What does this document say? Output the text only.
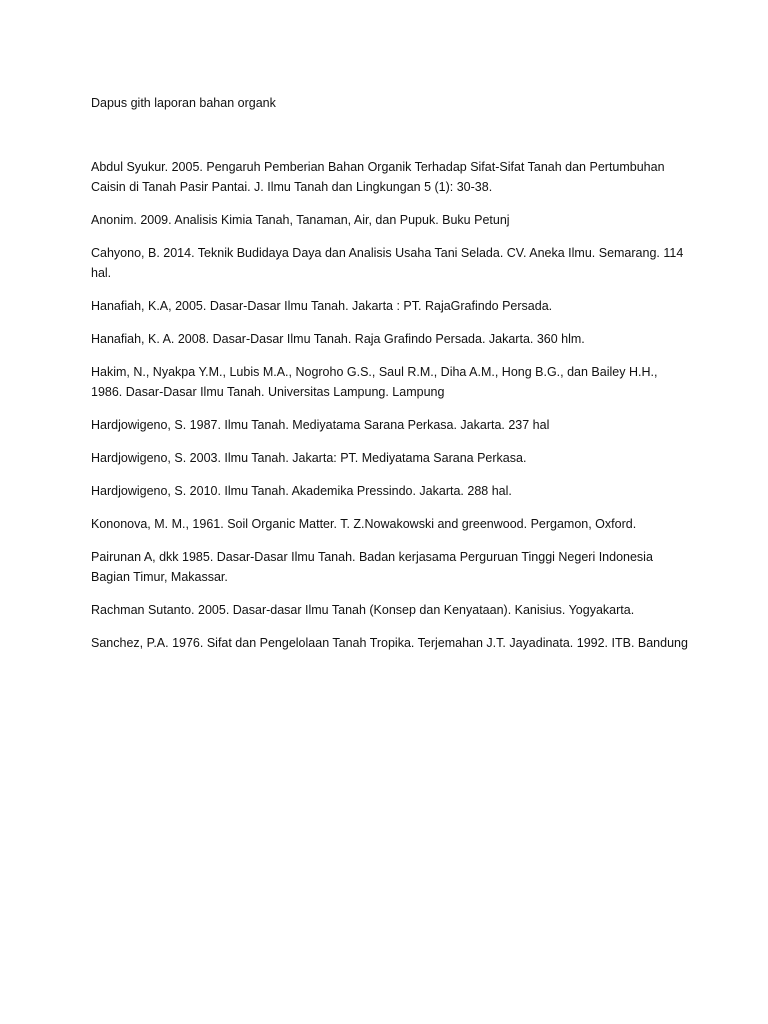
Dapus gith laporan bahan organk
Abdul Syukur. 2005. Pengaruh Pemberian Bahan Organik Terhadap Sifat-Sifat Tanah dan Pertumbuhan Caisin di Tanah Pasir Pantai. J. Ilmu Tanah dan Lingkungan 5 (1): 30-38.
Anonim. 2009. Analisis Kimia Tanah, Tanaman, Air, dan Pupuk. Buku Petunj
Cahyono, B. 2014. Teknik Budidaya Daya dan Analisis Usaha Tani Selada. CV. Aneka Ilmu. Semarang. 114 hal.
Hanafiah, K.A, 2005. Dasar-Dasar Ilmu Tanah. Jakarta : PT. RajaGrafindo Persada.
Hanafiah, K. A. 2008. Dasar-Dasar Ilmu Tanah. Raja Grafindo Persada. Jakarta. 360 hlm.
Hakim, N., Nyakpa Y.M., Lubis M.A., Nogroho G.S., Saul R.M., Diha A.M., Hong B.G., dan Bailey H.H., 1986. Dasar-Dasar Ilmu Tanah. Universitas Lampung. Lampung
Hardjowigeno, S. 1987. Ilmu Tanah. Mediyatama Sarana Perkasa. Jakarta. 237 hal
Hardjowigeno, S. 2003. Ilmu Tanah. Jakarta: PT. Mediyatama Sarana Perkasa.
Hardjowigeno, S. 2010. Ilmu Tanah. Akademika Pressindo. Jakarta. 288 hal.
Kononova, M. M., 1961. Soil Organic Matter. T. Z.Nowakowski and greenwood. Pergamon, Oxford.
Pairunan A, dkk 1985. Dasar-Dasar Ilmu Tanah. Badan kerjasama Perguruan Tinggi Negeri Indonesia Bagian Timur, Makassar.
Rachman Sutanto. 2005. Dasar-dasar Ilmu Tanah (Konsep dan Kenyataan). Kanisius. Yogyakarta.
Sanchez, P.A. 1976. Sifat dan Pengelolaan Tanah Tropika. Terjemahan J.T. Jayadinata. 1992. ITB. Bandung
